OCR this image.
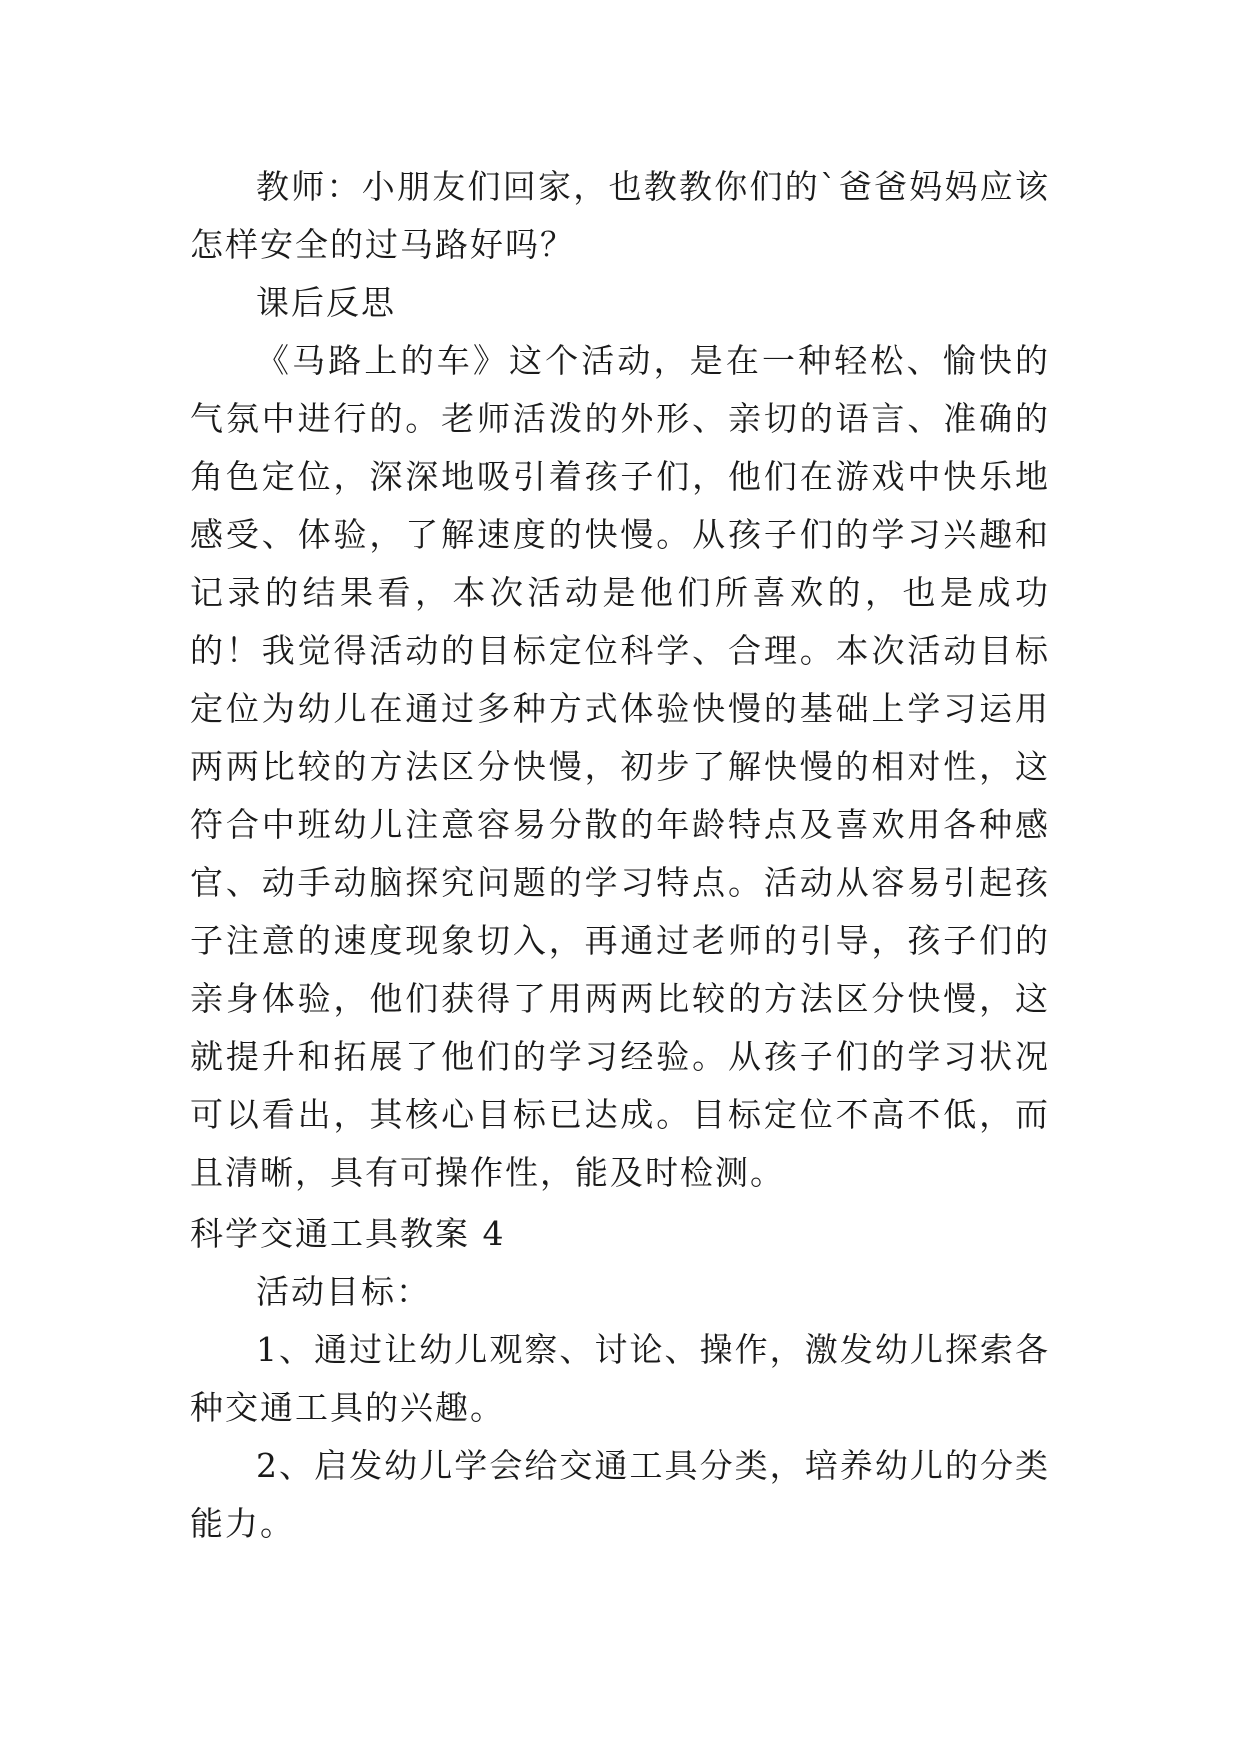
教师：小朋友们回家，也教教你们的`爸爸妈妈应该怎样安全的过马路好吗？

课后反思

《马路上的车》这个活动，是在一种轻松、愉快的气氛中进行的。老师活泼的外形、亲切的语言、准确的角色定位，深深地吸引着孩子们，他们在游戏中快乐地感受、体验，了解速度的快慢。从孩子们的学习兴趣和记录的结果看，本次活动是他们所喜欢的，也是成功的！我觉得活动的目标定位科学、合理。本次活动目标定位为幼儿在通过多种方式体验快慢的基础上学习运用两两比较的方法区分快慢，初步了解快慢的相对性，这符合中班幼儿注意容易分散的年龄特点及喜欢用各种感官、动手动脑探究问题的学习特点。活动从容易引起孩子注意的速度现象切入，再通过老师的引导，孩子们的亲身体验，他们获得了用两两比较的方法区分快慢，这就提升和拓展了他们的学习经验。从孩子们的学习状况可以看出，其核心目标已达成。目标定位不高不低，而且清晰，具有可操作性，能及时检测。

科学交通工具教案 4

活动目标：

1、通过让幼儿观察、讨论、操作，激发幼儿探索各种交通工具的兴趣。

2、启发幼儿学会给交通工具分类，培养幼儿的分类能力。
